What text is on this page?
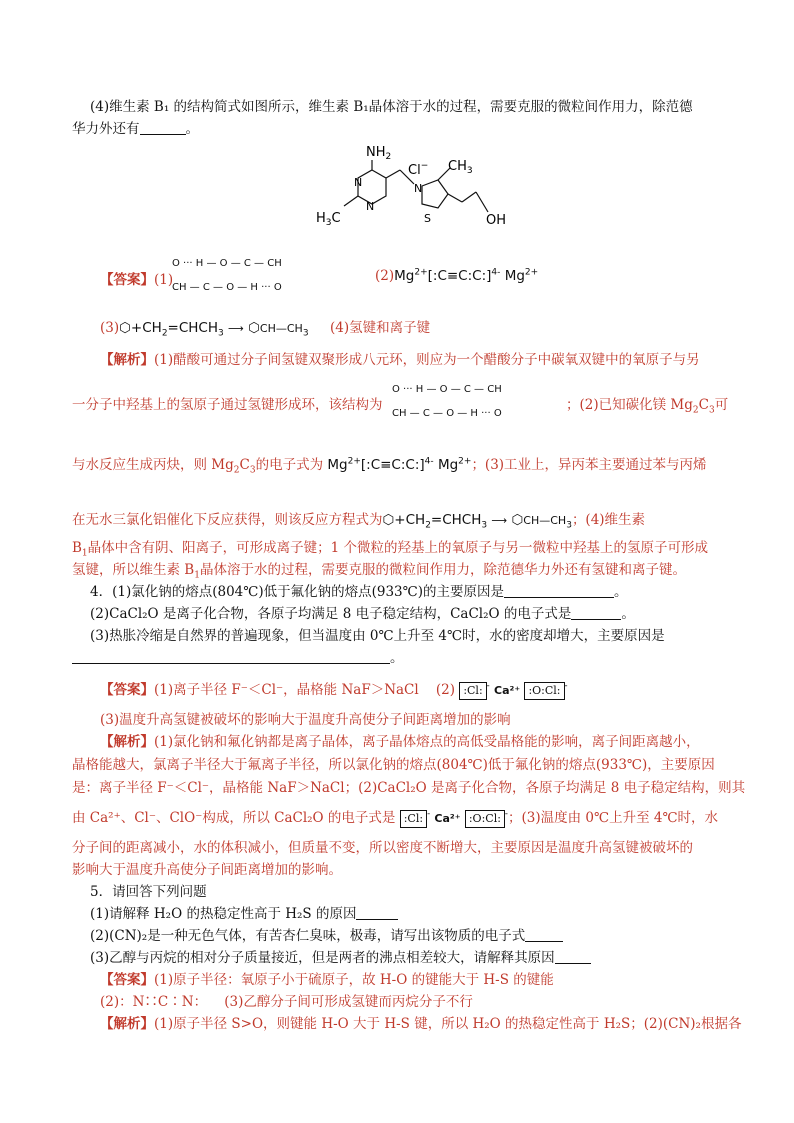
(4)维生素 B₁ 的结构简式如图所示，维生素 B₁晶体溶于水的过程，需要克服的微粒间作用力，除范德
华力外还有	。
$NH_2$
Cl− $CH_3$
$H_3C$	OH
N
N
N
S
【答案】(1)
O ··· H — O — C — CH
CH — C — O — H ··· O
$(2)Mg^{2+}[:C\equiv C:C:]^{4-}$ $Mg^{2+}$
$(3)⬡+CH_2=CHCH_3$ ⟶ $⬡CH—CH_3$ (4)氢键和离子键
【解析】(1)醋酸可通过分子间氢键双聚形成八元环，则应为一个醋酸分子中碳氧双键中的氧原子与另
一分子中羟基上的氢原子通过氢键形成环，该结构为
O ··· H — O — C — CH
CH — C — O — H ··· O
；(2)已知碳化镁 $Mg_2C_3$可
与水反应生成丙炔，则 $Mg_2C_3$的电子式为 $Mg^{2+}[:C\equiv C:C:]^{4-}$ $Mg^{2+}$；(3)工业上，异丙苯主要通过苯与丙烯
在无水三氯化铝催化下反应获得，则该反应方程式为$⬡+CH_2=CHCH_3$ ⟶ $⬡CH—CH_3$；(4)维生素
$B_1$晶体中含有阴、阳离子，可形成离子键；1 个微粒的羟基上的氧原子与另一微粒中羟基上的氢原子可形成
氢键，所以维生素 $B_1$晶体溶于水的过程，需要克服的微粒间作用力，除范德华力外还有氢键和离子键。
4．(1)氯化钠的熔点(804℃)低于氟化钠的熔点(933℃)的主要原因是	。
(2)CaCl₂O 是离子化合物，各原子均满足 8 电子稳定结构，CaCl₂O 的电子式是	。
(3)热胀冷缩是自然界的普遍现象，但当温度由 0℃上升至 4℃时，水的密度却增大，主要原因是
。
【答案】(1)离子半径 F⁻＜Cl⁻，晶格能 NaF＞NaCl (2) :Cl: - Ca²⁺ :O:Cl: -
(3)温度升高氢键被破坏的影响大于温度升高使分子间距离增加的影响
【解析】(1)氯化钠和氟化钠都是离子晶体，离子晶体熔点的高低受晶格能的影响，离子间距离越小，
晶格能越大，氯离子半径大于氟离子半径，所以氯化钠的熔点(804℃)低于氟化钠的熔点(933℃)，主要原因
是：离子半径 F⁻＜Cl⁻，晶格能 NaF＞NaCl；(2)CaCl₂O 是离子化合物，各原子均满足 8 电子稳定结构，则其
由 Ca²⁺、Cl⁻、ClO⁻构成，所以 CaCl₂O 的电子式是 :Cl: - Ca²⁺ :O:Cl: -；(3)温度由 0℃上升至 4℃时，水
分子间的距离减小，水的体积减小，但质量不变，所以密度不断增大，主要原因是温度升高氢键被破坏的
影响大于温度升高使分子间距离增加的影响。
5．请回答下列问题
(1)请解释 H₂O 的热稳定性高于 H₂S 的原因
(2)(CN)₂是一种无色气体，有苦杏仁臭味，极毒，请写出该物质的电子式
(3)乙醇与丙烷的相对分子质量接近，但是两者的沸点相差较大，请解释其原因
【答案】(1)原子半径：氧原子小于硫原子，故 H-O 的键能大于 H-S 的键能
(2)：N∷C∶N： (3)乙醇分子间可形成氢键而丙烷分子不行
【解析】(1)原子半径 S>O，则键能 H-O 大于 H-S 键，所以 H₂O 的热稳定性高于 H₂S；(2)(CN)₂根据各
